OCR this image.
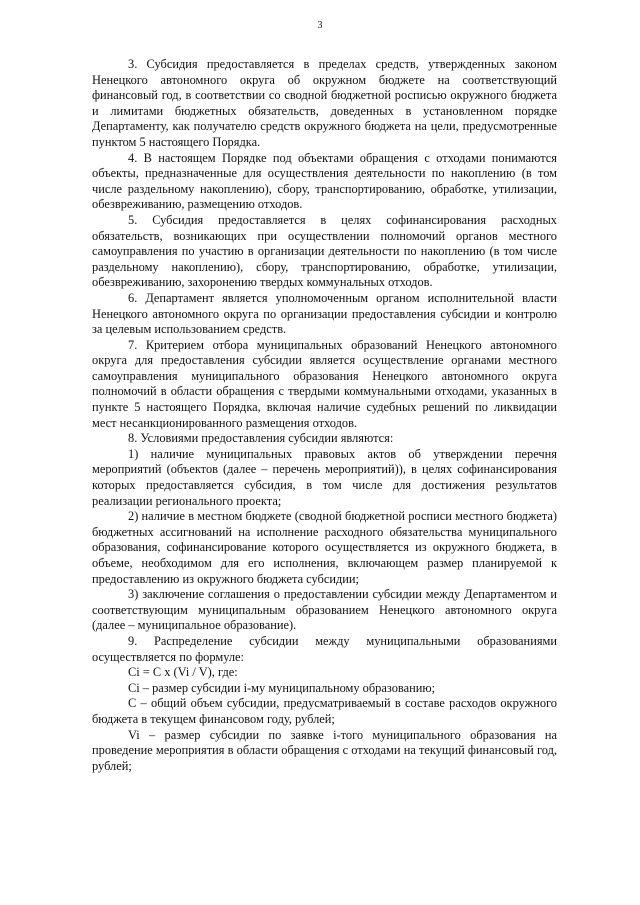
3

3. Субсидия предоставляется в пределах средств, утвержденных законом Ненецкого автономного округа об окружном бюджете на соответствующий финансовый год, в соответствии со сводной бюджетной росписью окружного бюджета и лимитами бюджетных обязательств, доведенных в установленном порядке Департаменту, как получателю средств окружного бюджета на цели, предусмотренные пунктом 5 настоящего Порядка.

4. В настоящем Порядке под объектами обращения с отходами понимаются объекты, предназначенные для осуществления деятельности по накоплению (в том числе раздельному накоплению), сбору, транспортированию, обработке, утилизации, обезвреживанию, размещению отходов.

5. Субсидия предоставляется в целях софинансирования расходных обязательств, возникающих при осуществлении полномочий органов местного самоуправления по участию в организации деятельности по накоплению (в том числе раздельному накоплению), сбору, транспортированию, обработке, утилизации, обезвреживанию, захоронению твердых коммунальных отходов.

6. Департамент является уполномоченным органом исполнительной власти Ненецкого автономного округа по организации предоставления субсидии и контролю за целевым использованием средств.

7. Критерием отбора муниципальных образований Ненецкого автономного округа для предоставления субсидии является осуществление органами местного самоуправления муниципального образования Ненецкого автономного округа полномочий в области обращения с твердыми коммунальными отходами, указанных в пункте 5 настоящего Порядка, включая наличие судебных решений по ликвидации мест несанкционированного размещения отходов.

8. Условиями предоставления субсидии являются:

1) наличие муниципальных правовых актов об утверждении перечня мероприятий (объектов (далее – перечень мероприятий)), в целях софинансирования которых предоставляется субсидия, в том числе для достижения результатов реализации регионального проекта;

2) наличие в местном бюджете (сводной бюджетной росписи местного бюджета) бюджетных ассигнований на исполнение расходного обязательства муниципального образования, софинансирование которого осуществляется из окружного бюджета, в объеме, необходимом для его исполнения, включающем размер планируемой к предоставлению из окружного бюджета субсидии;

3) заключение соглашения о предоставлении субсидии между Департаментом и соответствующим муниципальным образованием Ненецкого автономного округа (далее – муниципальное образование).

9. Распределение субсидии между муниципальными образованиями осуществляется по формуле:

Ci = C x (Vi / V), где:

Ci – размер субсидии i-му муниципальному образованию;

C – общий объем субсидии, предусматриваемый в составе расходов окружного бюджета в текущем финансовом году, рублей;

Vi – размер субсидии по заявке i-того муниципального образования на проведение мероприятия в области обращения с отходами на текущий финансовый год, рублей;
